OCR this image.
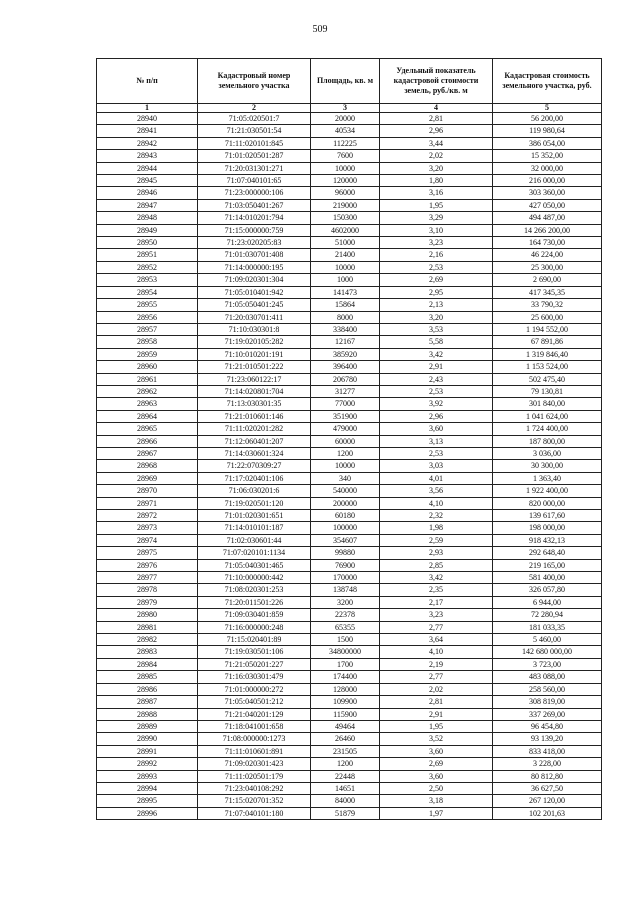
509
№ п/п	Кадастровый номер земельного участка	Площадь, кв. м	Удельный показатель кадастровой стоимости земель, руб./кв. м	Кадастровая стоимость земельного участка, руб.
1	2	3	4	5
28940	71:05:020501:7	20000	2,81	56 200,00
28941	71:21:030501:54	40534	2,96	119 980,64
28942	71:11:020101:845	112225	3,44	386 054,00
28943	71:01:020501:287	7600	2,02	15 352,00
28944	71:20:031301:271	10000	3,20	32 000,00
28945	71:07:040101:65	120000	1,80	216 000,00
28946	71:23:000000:106	96000	3,16	303 360,00
28947	71:03:050401:267	219000	1,95	427 050,00
28948	71:14:010201:794	150300	3,29	494 487,00
28949	71:15:000000:759	4602000	3,10	14 266 200,00
28950	71:23:020205:83	51000	3,23	164 730,00
28951	71:01:030701:408	21400	2,16	46 224,00
28952	71:14:000000:195	10000	2,53	25 300,00
28953	71:09:020301:304	1000	2,69	2 690,00
28954	71:05:010401:942	141473	2,95	417 345,35
28955	71:05:050401:245	15864	2,13	33 790,32
28956	71:20:030701:411	8000	3,20	25 600,00
28957	71:10:030301:8	338400	3,53	1 194 552,00
28958	71:19:020105:282	12167	5,58	67 891,86
28959	71:10:010201:191	385920	3,42	1 319 846,40
28960	71:21:010501:222	396400	2,91	1 153 524,00
28961	71:23:060122:17	206780	2,43	502 475,40
28962	71:14:020801:704	31277	2,53	79 130,81
28963	71:13:030301:35	77000	3,92	301 840,00
28964	71:21:010601:146	351900	2,96	1 041 624,00
28965	71:11:020201:282	479000	3,60	1 724 400,00
28966	71:12:060401:207	60000	3,13	187 800,00
28967	71:14:030601:324	1200	2,53	3 036,00
28968	71:22:070309:27	10000	3,03	30 300,00
28969	71:17:020401:106	340	4,01	1 363,40
28970	71:06:030201:6	540000	3,56	1 922 400,00
28971	71:19:020501:120	200000	4,10	820 000,00
28972	71:01:020301:651	60180	2,32	139 617,60
28973	71:14:010101:187	100000	1,98	198 000,00
28974	71:02:030601:44	354607	2,59	918 432,13
28975	71:07:020101:1134	99880	2,93	292 648,40
28976	71:05:040301:465	76900	2,85	219 165,00
28977	71:10:000000:442	170000	3,42	581 400,00
28978	71:08:020301:253	138748	2,35	326 057,80
28979	71:20:011501:226	3200	2,17	6 944,00
28980	71:09:030401:859	22378	3,23	72 280,94
28981	71:16:000000:248	65355	2,77	181 033,35
28982	71:15:020401:89	1500	3,64	5 460,00
28983	71:19:030501:106	34800000	4,10	142 680 000,00
28984	71:21:050201:227	1700	2,19	3 723,00
28985	71:16:030301:479	174400	2,77	483 088,00
28986	71:01:000000:272	128000	2,02	258 560,00
28987	71:05:040501:212	109900	2,81	308 819,00
28988	71:21:040201:129	115900	2,91	337 269,00
28989	71:18:041001:658	49464	1,95	96 454,80
28990	71:08:000000:1273	26460	3,52	93 139,20
28991	71:11:010601:891	231505	3,60	833 418,00
28992	71:09:020301:423	1200	2,69	3 228,00
28993	71:11:020501:179	22448	3,60	80 812,80
28994	71:23:040108:292	14651	2,50	36 627,50
28995	71:15:020701:352	84000	3,18	267 120,00
28996	71:07:040101:180	51879	1,97	102 201,63
